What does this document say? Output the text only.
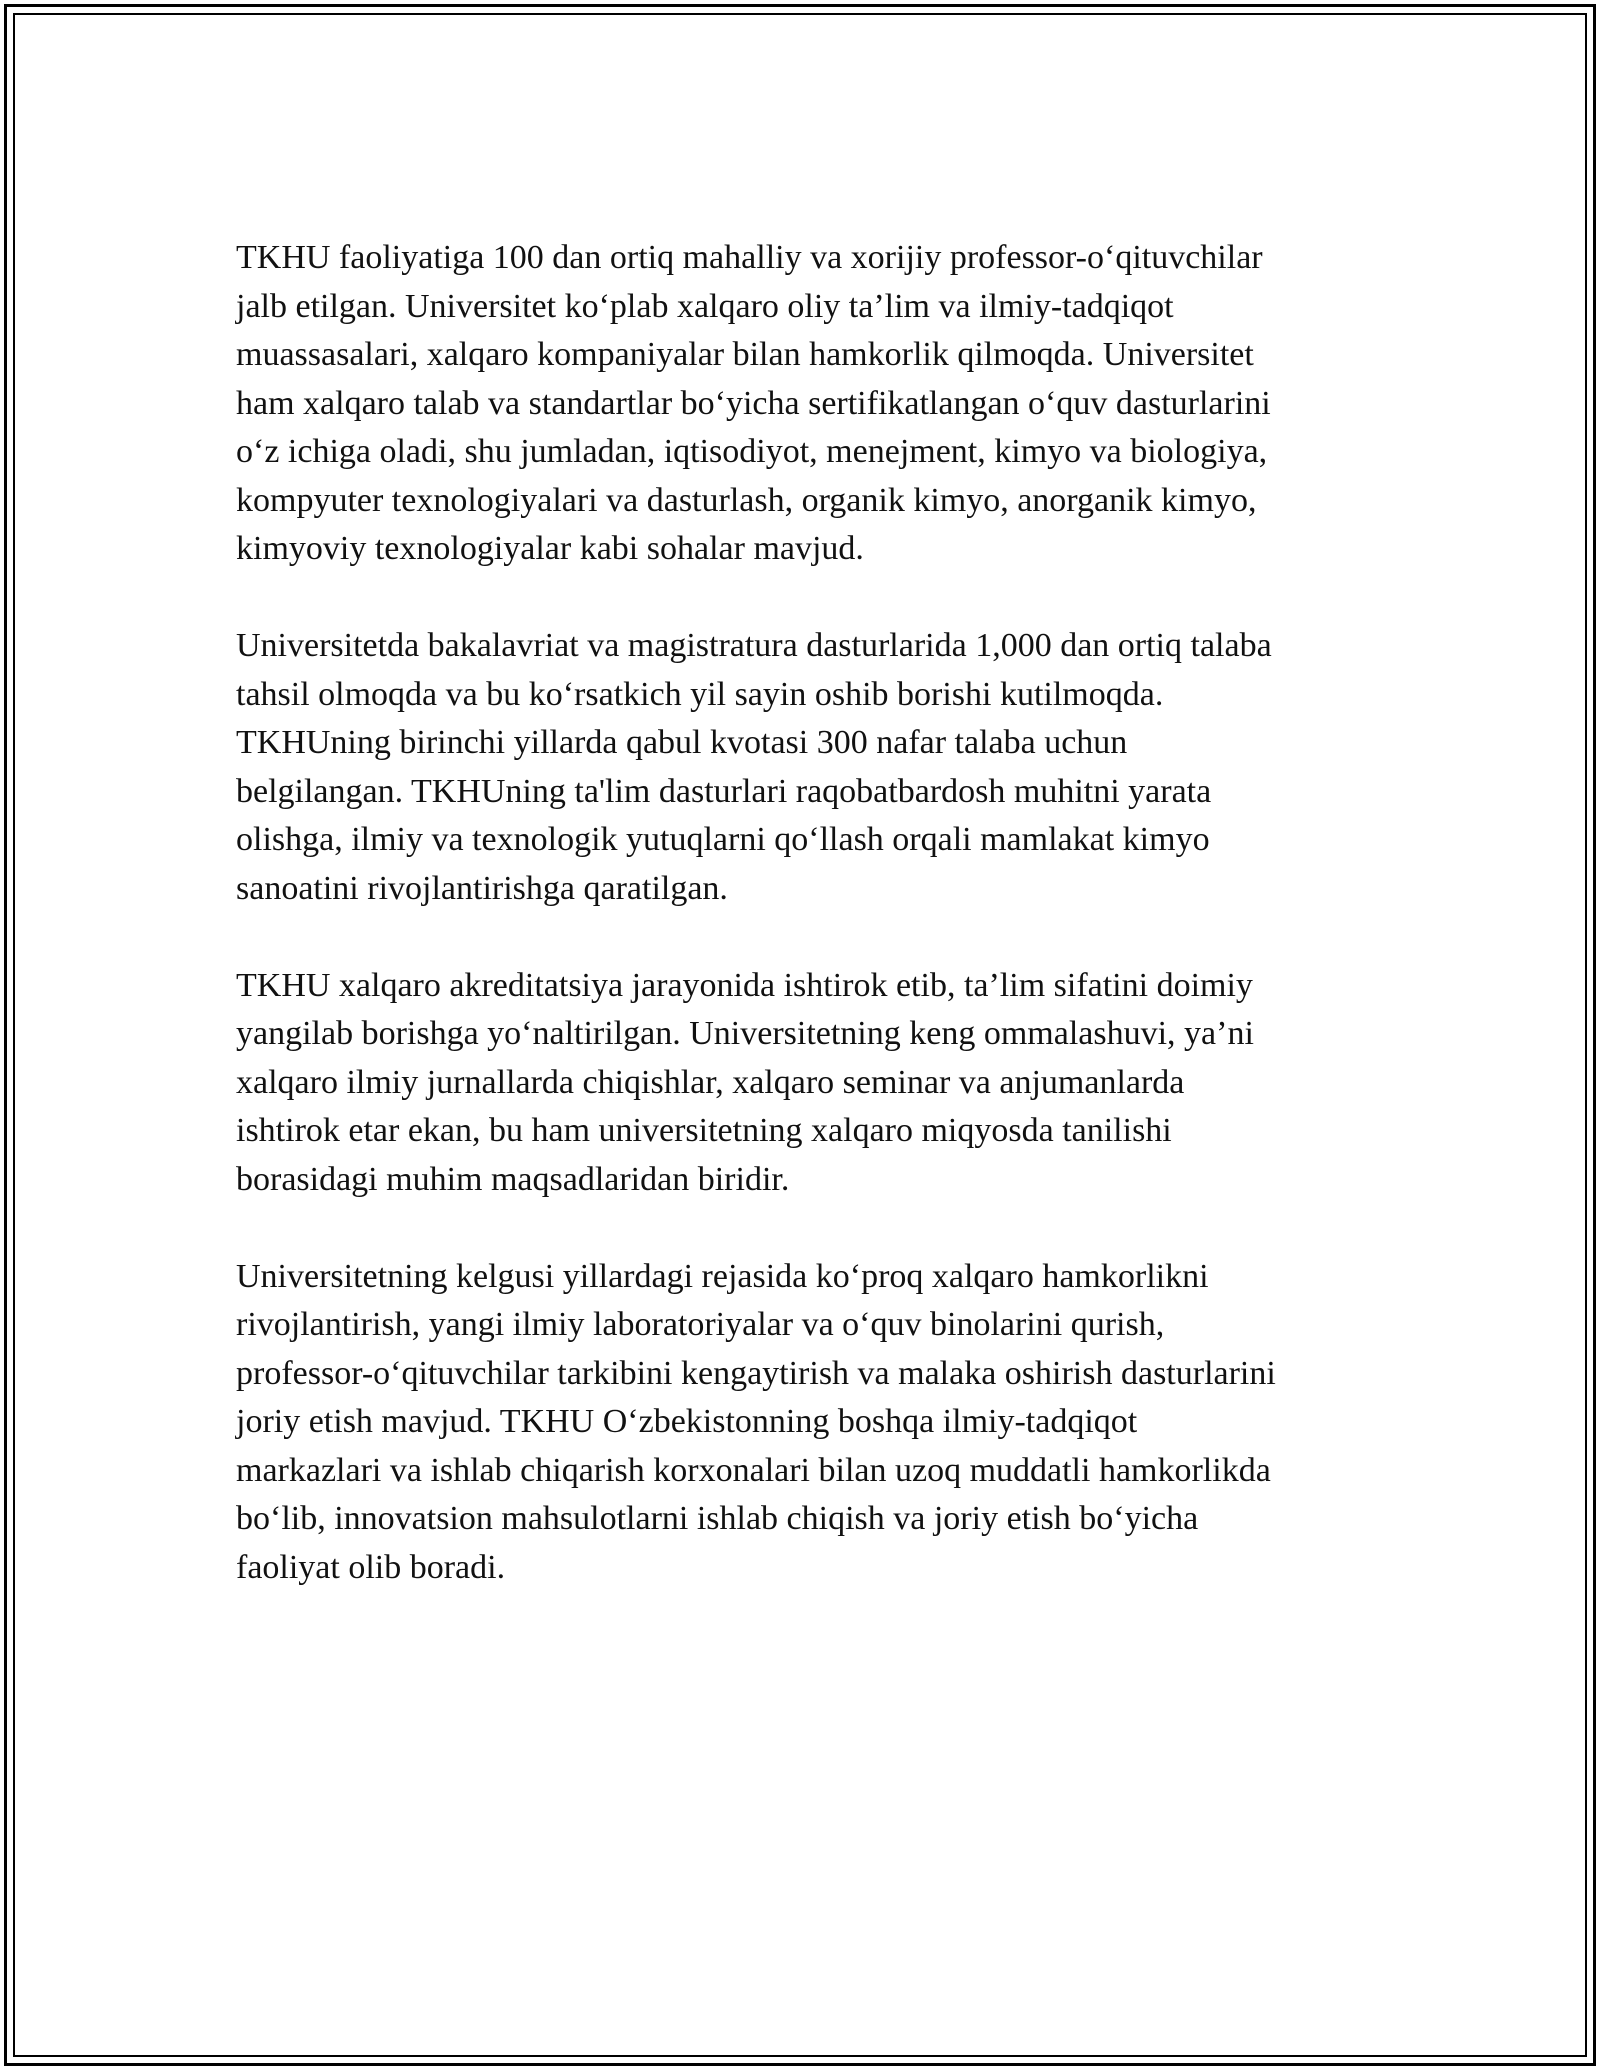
TKHU faoliyatiga 100 dan ortiq mahalliy va xorijiy professor-o‘qituvchilar
jalb etilgan. Universitet ko‘plab xalqaro oliy ta’lim va ilmiy-tadqiqot
muassasalari, xalqaro kompaniyalar bilan hamkorlik qilmoqda. Universitet
ham xalqaro talab va standartlar bo‘yicha sertifikatlangan o‘quv dasturlarini
o‘z ichiga oladi, shu jumladan, iqtisodiyot, menejment, kimyo va biologiya,
kompyuter texnologiyalari va dasturlash, organik kimyo, anorganik kimyo,
kimyoviy texnologiyalar kabi sohalar mavjud.

Universitetda bakalavriat va magistratura dasturlarida 1,000 dan ortiq talaba
tahsil olmoqda va bu ko‘rsatkich yil sayin oshib borishi kutilmoqda.
TKHUning birinchi yillarda qabul kvotasi 300 nafar talaba uchun
belgilangan. TKHUning ta'lim dasturlari raqobatbardosh muhitni yarata
olishga, ilmiy va texnologik yutuqlarni qo‘llash orqali mamlakat kimyo
sanoatini rivojlantirishga qaratilgan.

TKHU xalqaro akreditatsiya jarayonida ishtirok etib, ta’lim sifatini doimiy
yangilab borishga yo‘naltirilgan. Universitetning keng ommalashuvi, ya’ni
xalqaro ilmiy jurnallarda chiqishlar, xalqaro seminar va anjumanlarda
ishtirok etar ekan, bu ham universitetning xalqaro miqyosda tanilishi
borasidagi muhim maqsadlaridan biridir.

Universitetning kelgusi yillardagi rejasida ko‘proq xalqaro hamkorlikni
rivojlantirish, yangi ilmiy laboratoriyalar va o‘quv binolarini qurish,
professor-o‘qituvchilar tarkibini kengaytirish va malaka oshirish dasturlarini
joriy etish mavjud. TKHU O‘zbekistonning boshqa ilmiy-tadqiqot
markazlari va ishlab chiqarish korxonalari bilan uzoq muddatli hamkorlikda
bo‘lib, innovatsion mahsulotlarni ishlab chiqish va joriy etish bo‘yicha
faoliyat olib boradi.
